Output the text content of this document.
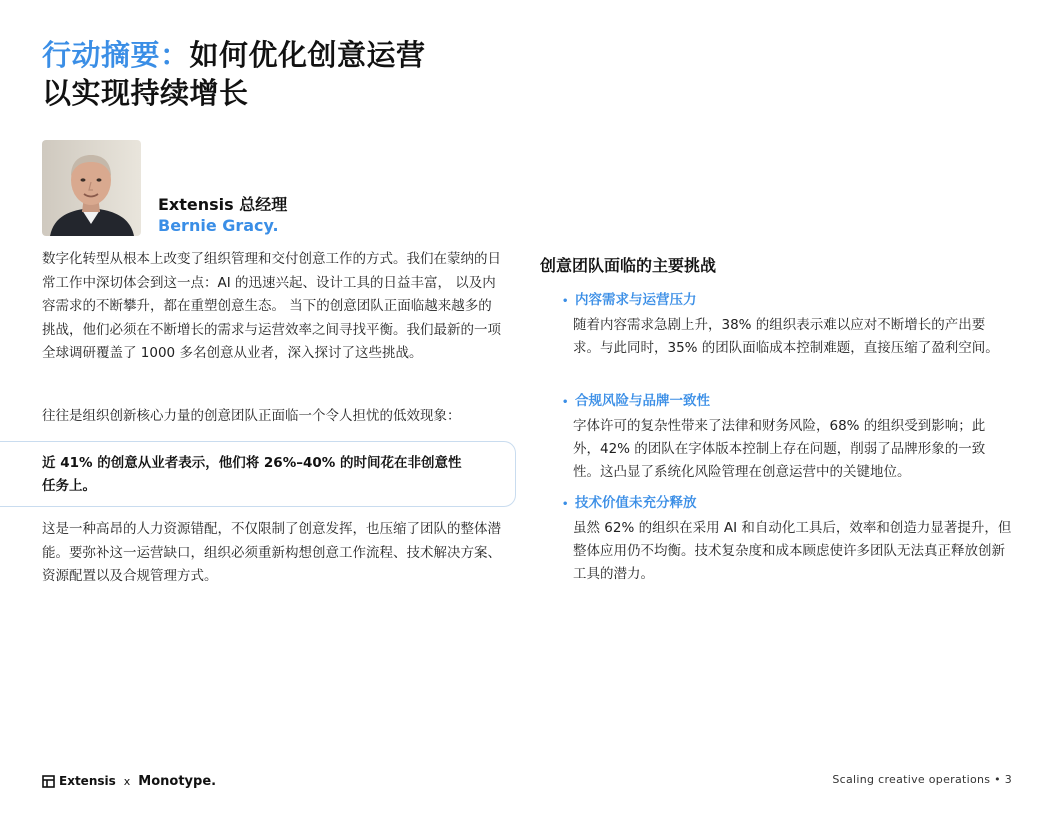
行动摘要：如何优化创意运营
以实现持续增长
Extensis 总经理
Bernie Gracy.
数字化转型从根本上改变了组织管理和交付创意工作的方式。我们在蒙纳的日常工作中深切体会到这一点：AI 的迅速兴起、设计工具的日益丰富， 以及内容需求的不断攀升，都在重塑创意生态。 当下的创意团队正面临越来越多的挑战，他们必须在不断增长的需求与运营效率之间寻找平衡。我们最新的一项全球调研覆盖了 1000 多名创意从业者，深入探讨了这些挑战。
往往是组织创新核心力量的创意团队正面临一个令人担忧的低效现象：
近 41% 的创意从业者表示，他们将 26%–40% 的时间花在非创意性任务上。
这是一种高昂的人力资源错配，不仅限制了创意发挥，也压缩了团队的整体潜能。要弥补这一运营缺口，组织必须重新构想创意工作流程、技术解决方案、资源配置以及合规管理方式。
创意团队面临的主要挑战
• 内容需求与运营压力
随着内容需求急剧上升，38% 的组织表示难以应对不断增长的产出要求。与此同时，35% 的团队面临成本控制难题，直接压缩了盈利空间。
• 合规风险与品牌一致性
字体许可的复杂性带来了法律和财务风险，68% 的组织受到影响；此外，42% 的团队在字体版本控制上存在问题，削弱了品牌形象的一致性。这凸显了系统化风险管理在创意运营中的关键地位。
• 技术价值未充分释放
虽然 62% 的组织在采用 AI 和自动化工具后，效率和创造力显著提升，但整体应用仍不均衡。技术复杂度和成本顾虑使许多团队无法真正释放创新工具的潜力。
Extensis x Monotype.	Scaling creative operations • 3
